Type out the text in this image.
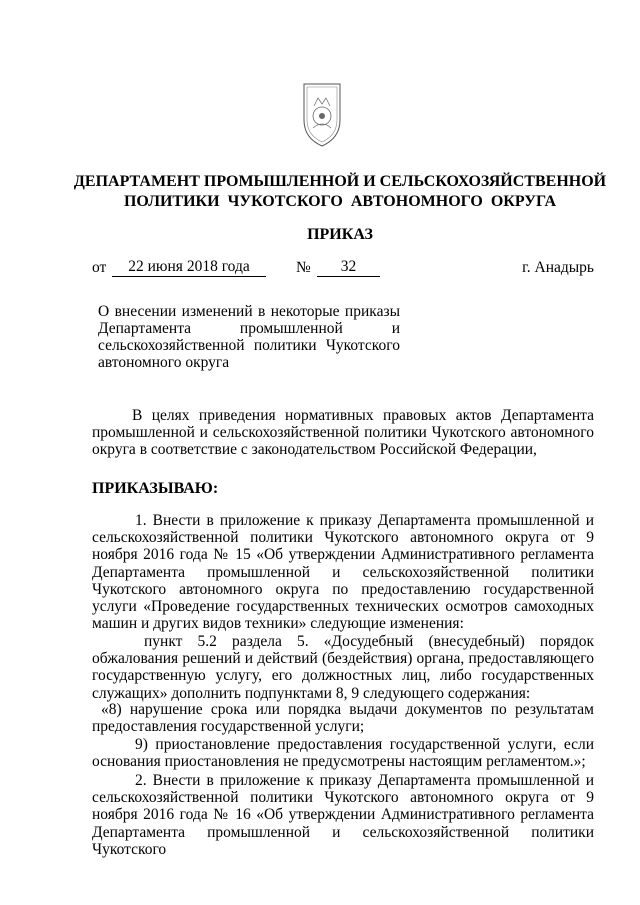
ДЕПАРТАМЕНТ ПРОМЫШЛЕННОЙ И СЕЛЬСКОХОЗЯЙСТВЕННОЙ
ПОЛИТИКИ ЧУКОТСКОГО АВТОНОМНОГО ОКРУГА
ПРИКАЗ
от	22 июня 2018 года	№	32	г. Анадырь
О внесении изменений в некоторые приказы Департамента промышленной и сельскохозяйственной политики Чукотского автономного округа

В целях приведения нормативных правовых актов Департамента промышленной и сельскохозяйственной политики Чукотского автономного округа в соответствие с законодательством Российской Федерации,

ПРИКАЗЫВАЮ:

1. Внести в приложение к приказу Департамента промышленной и сельскохозяйственной политики Чукотского автономного округа от 9 ноября 2016 года № 15 «Об утверждении Административного регламента Департамента промышленной и сельскохозяйственной политики Чукотского автономного округа по предоставлению государственной услуги «Проведение государственных технических осмотров самоходных машин и других видов техники» следующие изменения:

пункт 5.2 раздела 5. «Досудебный (внесудебный) порядок обжалования решений и действий (бездействия) органа, предоставляющего государственную услугу, его должностных лиц, либо государственных служащих» дополнить подпунктами 8, 9 следующего содержания:

«8) нарушение срока или порядка выдачи документов по результатам предоставления государственной услуги;

9) приостановление предоставления государственной услуги, если основания приостановления не предусмотрены настоящим регламентом.»;

2. Внести в приложение к приказу Департамента промышленной и сельскохозяйственной политики Чукотского автономного округа от 9 ноября 2016 года № 16 «Об утверждении Административного регламента Департамента промышленной и сельскохозяйственной политики Чукотского
